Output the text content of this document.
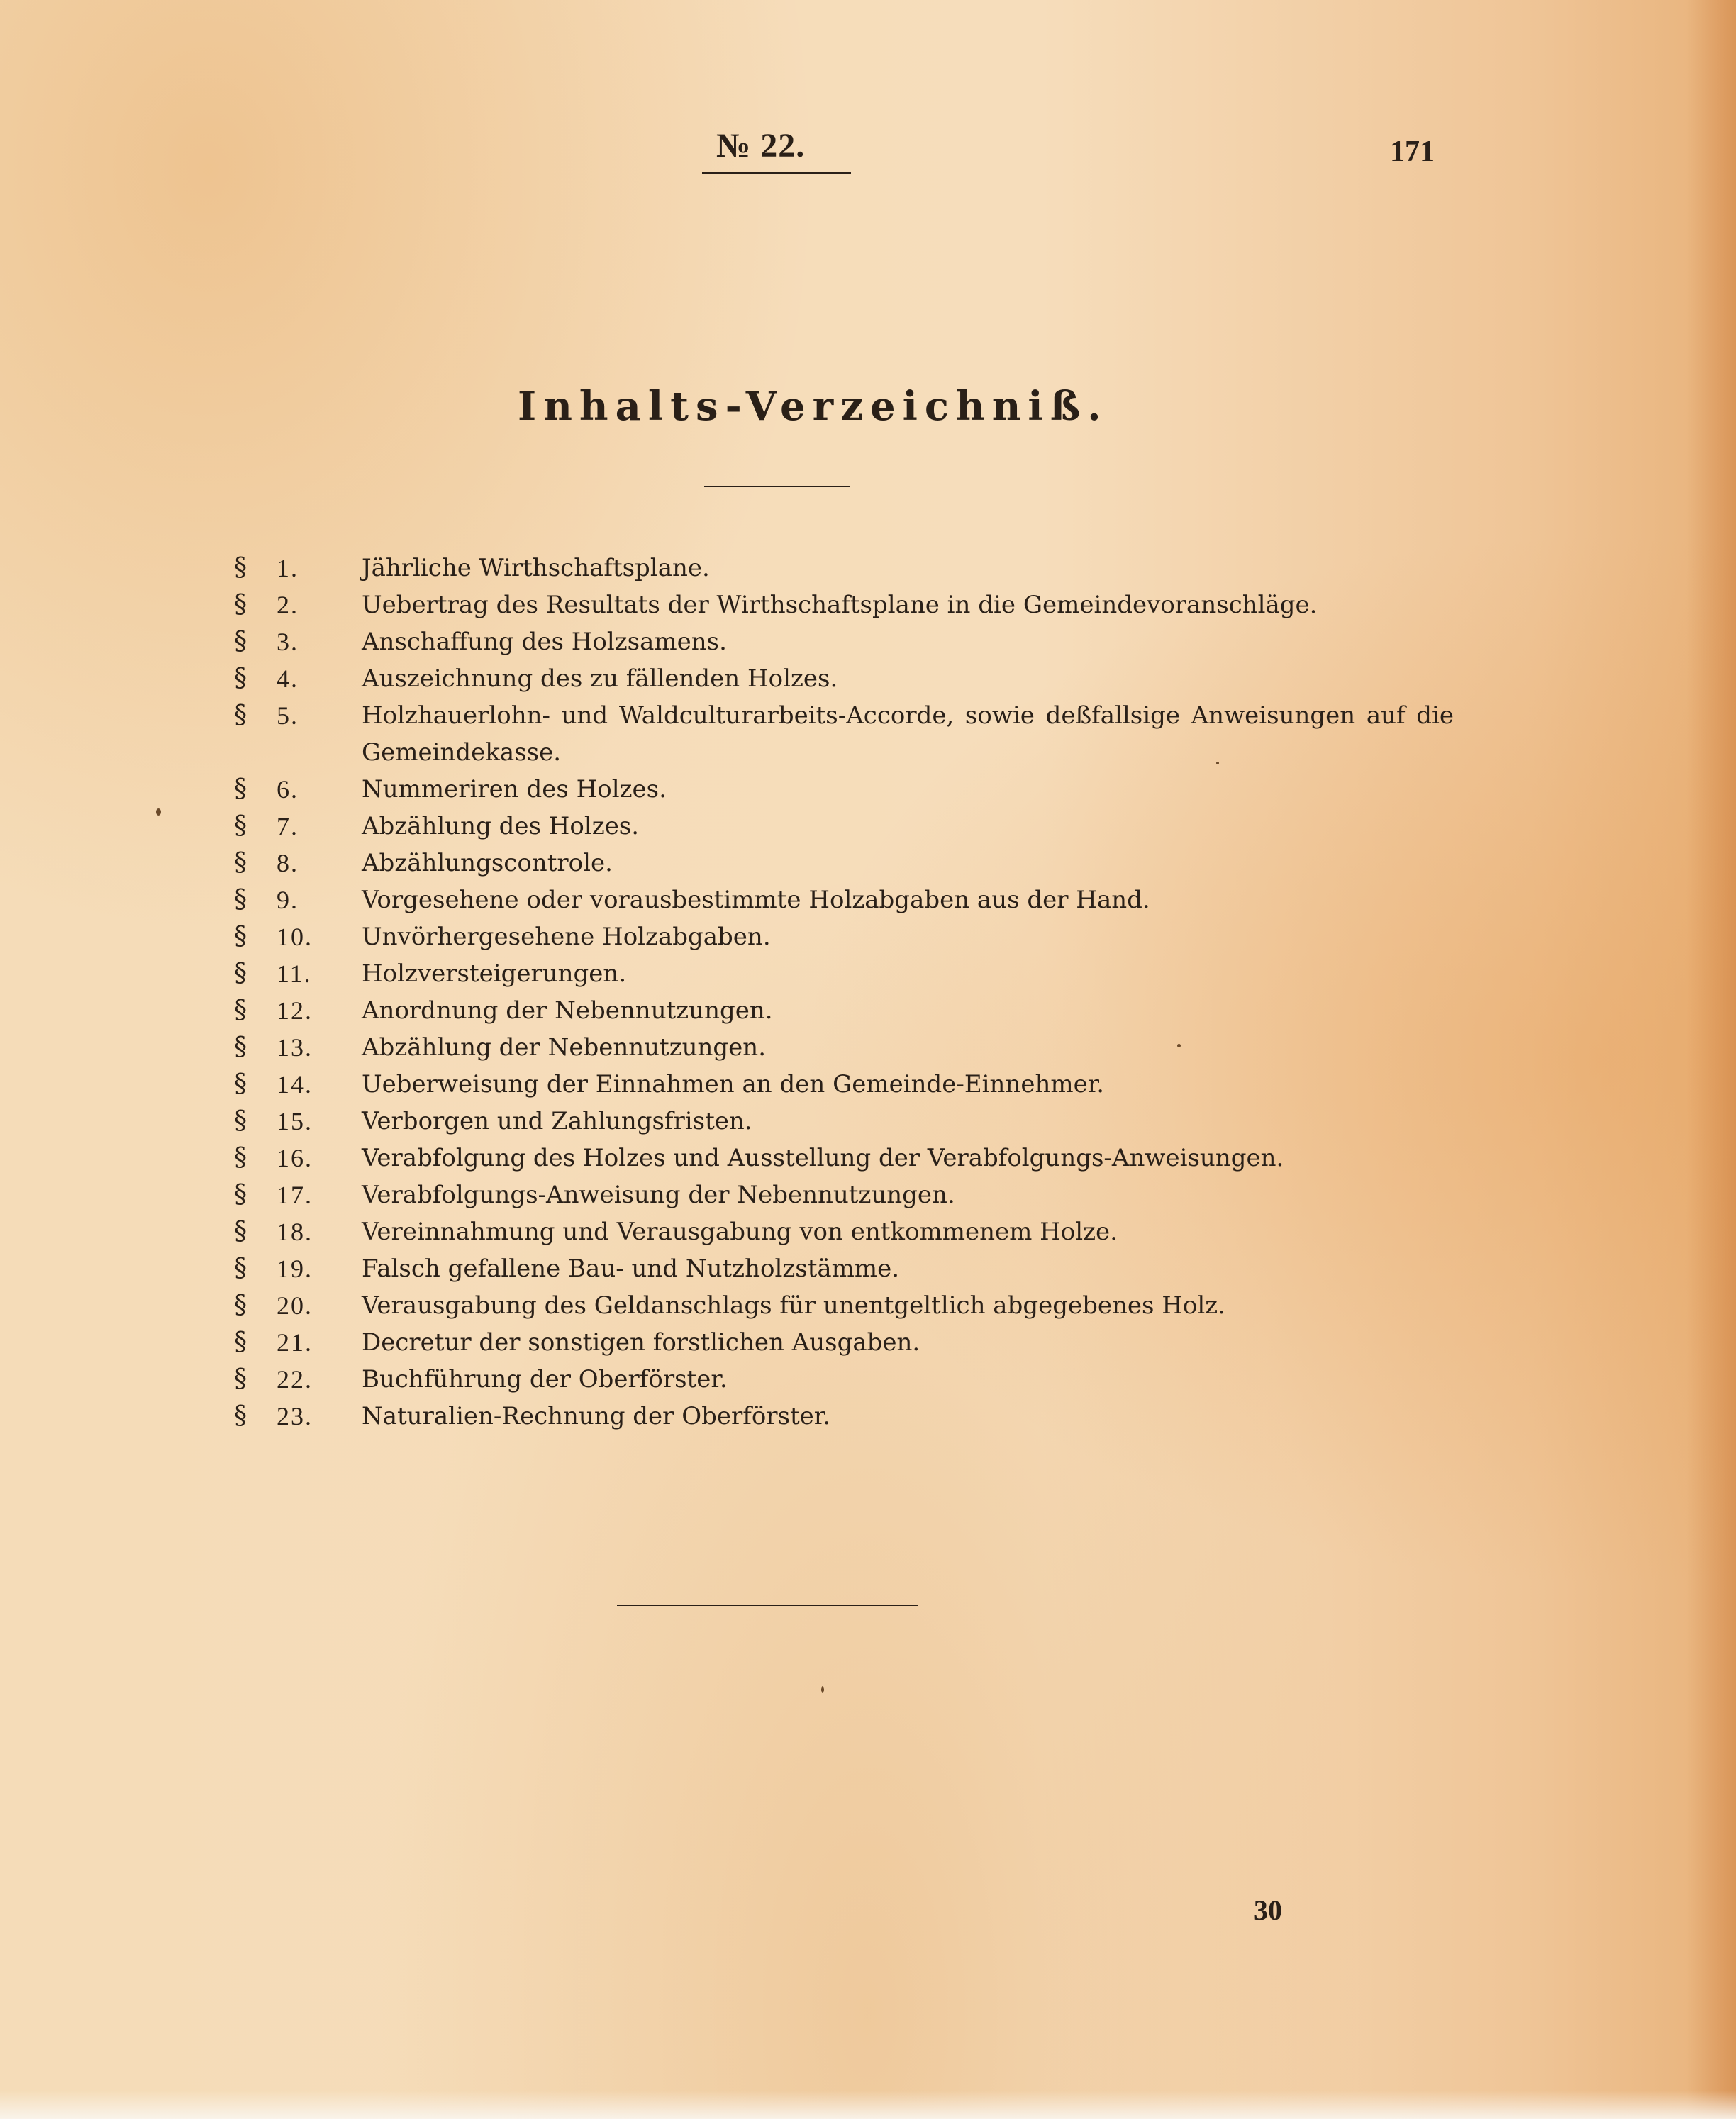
№ 22.	171
Inhalts-Verzeichniß.
§	1.	Jährliche Wirthschaftsplane.
§	2.	Uebertrag des Resultats der Wirthschaftsplane in die Gemeindevoranschläge.
§	3.	Anschaffung des Holzsamens.
§	4.	Auszeichnung des zu fällenden Holzes.
§	5.	Holzhauerlohn- und Waldculturarbeits-Accorde, sowie deßfallsige Anweisungen auf die Gemeindekasse.
§	6.	Nummeriren des Holzes.
§	7.	Abzählung des Holzes.
§	8.	Abzählungscontrole.
§	9.	Vorgesehene oder vorausbestimmte Holzabgaben aus der Hand.
§	10.	Unvörhergesehene Holzabgaben.
§	11.	Holzversteigerungen.
§	12.	Anordnung der Nebennutzungen.
§	13.	Abzählung der Nebennutzungen.
§	14.	Ueberweisung der Einnahmen an den Gemeinde-Einnehmer.
§	15.	Verborgen und Zahlungsfristen.
§	16.	Verabfolgung des Holzes und Ausstellung der Verabfolgungs-Anweisungen.
§	17.	Verabfolgungs-Anweisung der Nebennutzungen.
§	18.	Vereinnahmung und Verausgabung von entkommenem Holze.
§	19.	Falsch gefallene Bau- und Nutzholzstämme.
§	20.	Verausgabung des Geldanschlags für unentgeltlich abgegebenes Holz.
§	21.	Decretur der sonstigen forstlichen Ausgaben.
§	22.	Buchführung der Oberförster.
§	23.	Naturalien-Rechnung der Oberförster.
30
